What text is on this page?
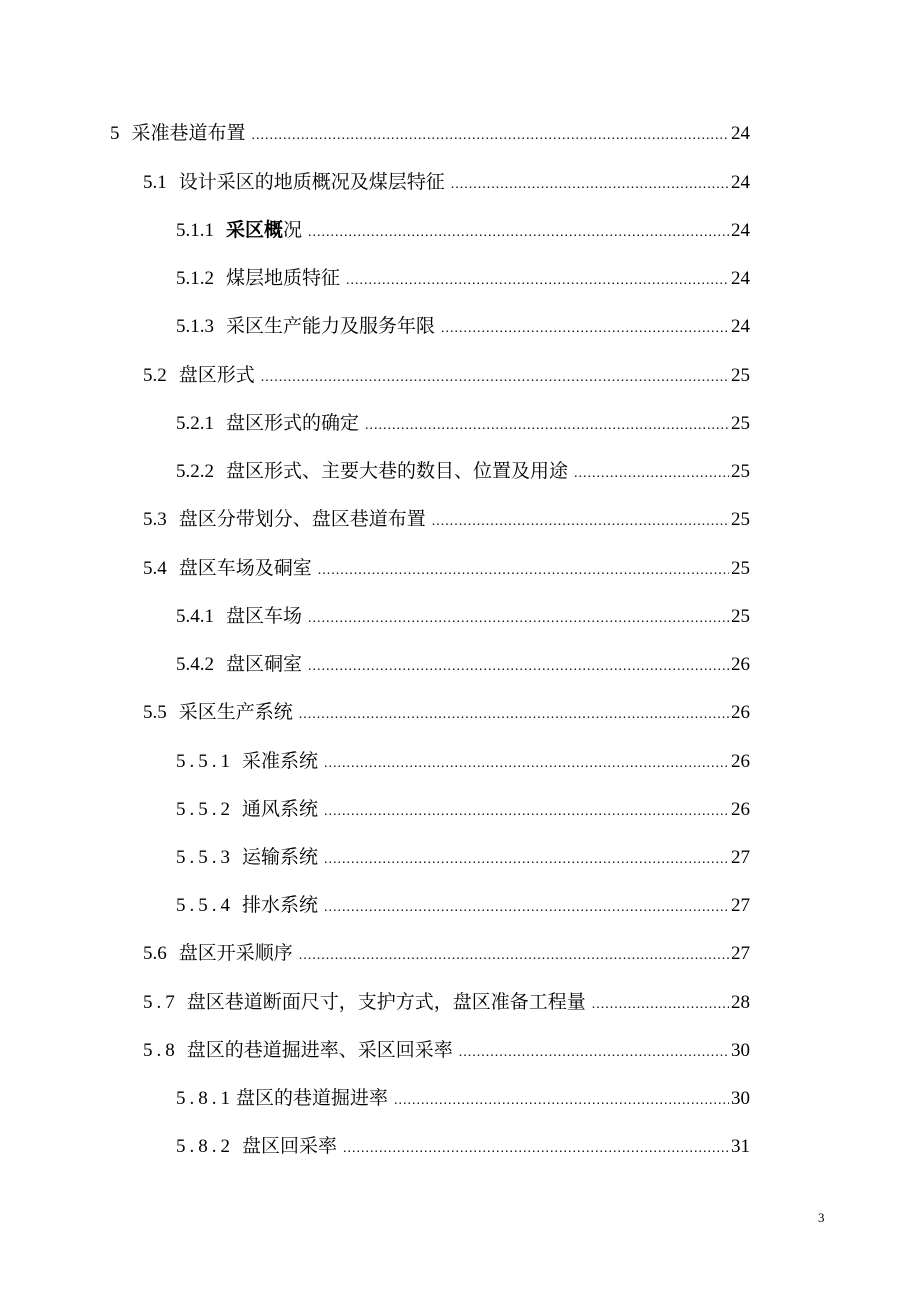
5 采准巷道布置 .....	24
5.1 设计采区的地质概况及煤层特征 .....	24
5.1.1 采区概况 .....	24
5.1.2 煤层地质特征 .....	24
5.1.3 采区生产能力及服务年限 .....	24
5.2 盘区形式 .....	25
5.2.1 盘区形式的确定 .....	25
5.2.2 盘区形式、主要大巷的数目、位置及用途 .....	25
5.3 盘区分带划分、盘区巷道布置 .....	25
5.4 盘区车场及硐室 .....	25
5.4.1 盘区车场 .....	25
5.4.2 盘区硐室 .....	26
5.5 采区生产系统 .....	26
5.5.1 采准系统 .....	26
5.5.2 通风系统 .....	26
5.5.3 运输系统 .....	27
5.5.4 排水系统 .....	27
5.6 盘区开采顺序 .....	27
5.7 盘区巷道断面尺寸，支护方式，盘区准备工程量 .....	28
5.8 盘区的巷道掘进率、采区回采率 .....	30
5.8.1 盘区的巷道掘进率 .....	30
5.8.2 盘区回采率 .....	31
3
